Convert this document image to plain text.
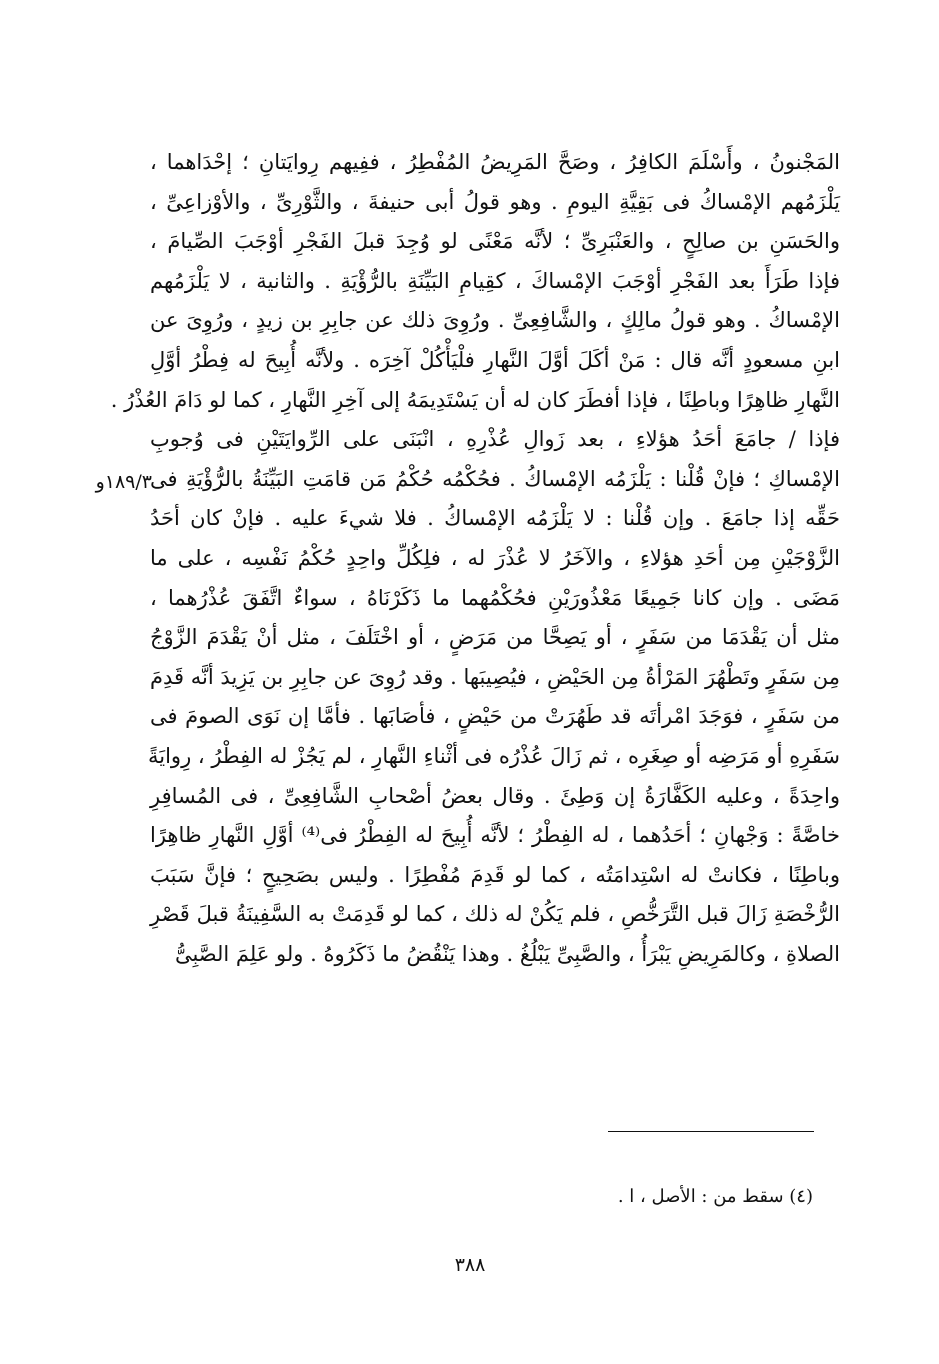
١٨٩/٣و
المَجْنونُ ، وأَسْلَمَ الكافِرُ ، وصَحَّ المَرِيضُ المُفْطِرُ ، ففِيهم رِوايَتانِ ؛ إحْدَاهما ،
يَلْزَمُهم الإمْساكُ فى بَقِيَّةِ اليومِ . وهو قولُ أبى حنيفةَ ، والثَّوْرِىِّ ، والأوْزاعِىِّ ،
والحَسَنِ بن صالِحٍ ، والعَنْبَرِىِّ ؛ لأنَّه مَعْنًى لو وُجِدَ قبلَ الفَجْرِ أوْجَبَ الصِّيامَ ،
فإذا طَرَأَ بعد الفَجْرِ أوْجَبَ الإمْساكَ ، كقِيامِ البَيِّنَةِ بالرُّؤْيَةِ . والثانية ، لا يَلْزَمُهم
الإمْساكُ . وهو قولُ مالِكٍ ، والشَّافِعِىِّ . ورُوِىَ ذلك عن جابِرِ بن زيدٍ ، ورُوِىَ عن
ابنِ مسعودٍ أنَّه قال : مَنْ أكَلَ أوَّلَ النَّهارِ فلْيَأْكُلْ آخِرَه . ولأنَّه أُبِيحَ له فِطْرُ أوَّلِ
النَّهارِ ظاهِرًا وباطِنًا ، فإذا أفطَرَ كان له أن يَسْتَدِيمَهُ إلى آخِرِ النَّهارِ ، كما لو دَامَ العُذْرُ .
فإذا / جامَعَ أحَدُ هؤلاءِ ، بعد زَوالِ عُذْرِهِ ، انْبَنَى على الرِّوايَتَيْنِ فى وُجوبِ
الإمْساكِ ؛ فإنْ قُلْنا : يَلْزَمُه الإمْساكُ . فحُكْمُه حُكْمُ مَن قامَتِ البَيِّنَةُ بالرُّؤْيَةِ فى
حَقِّه إذا جامَعَ . وإن قُلْنا : لا يَلْزَمُه الإمْساكُ . فلا شيءَ عليه . فإنْ كان أحَدُ
الزَّوْجَيْنِ مِن أحَدِ هؤلاءِ ، والآخَرُ لا عُذْرَ له ، فلِكُلِّ واحِدٍ حُكْمُ نَفْسِه ، على ما
مَضَى . وإن كانا جَمِيعًا مَعْذُورَيْنِ فحُكْمُهما ما ذَكَرْنَاهُ ، سواءٌ اتَّفَقَ عُذْرُهما ،
مثل أن يَقْدَمَا من سَفَرٍ ، أو يَصِحَّا من مَرَضٍ ، أو اخْتَلَفَ ، مثل أنْ يَقْدَمَ الزَّوْجُ
مِن سَفَرٍ وتَطْهُرَ المَرْأةُ مِن الحَيْضِ ، فيُصِيبَها . وقد رُوِىَ عن جابِرِ بن يَزِيدَ أنَّه قَدِمَ
من سَفَرٍ ، فوَجَدَ امْرأتَه قد طَهُرَتْ من حَيْضٍ ، فأصَابَها . فأمَّا إن نَوَى الصومَ فى
سَفَرِهِ أو مَرَضِه أو صِغَرِه ، ثم زَالَ عُذْرُه فى أثْناءِ النَّهارِ ، لم يَجُزْ له الفِطْرُ ، رِوايَةً
واحِدَةً ، وعليه الكَفَّارَةُ إن وَطِئَ . وقال بعضُ أصْحابِ الشَّافِعِىِّ ، فى المُسافِرِ
خاصَّةً : وَجْهانِ ؛ أحَدُهما ، له الفِطْرُ ؛ لأنَّه أُبِيحَ له الفِطْرُ فى⁽⁴⁾ أوَّلِ النَّهارِ ظاهِرًا
وباطِنًا ، فكانتْ له اسْتِدامَتُه ، كما لو قَدِمَ مُفْطِرًا . وليس بصَحِيحٍ ؛ فإنَّ سَبَبَ
الرُّخْصَةِ زَالَ قبل التَّرَخُّصِ ، فلم يَكُنْ له ذلك ، كما لو قَدِمَتْ به السَّفِينَةُ قبلَ قَصْرِ
الصلاةِ ، وكالمَرِيضِ يَبْرَأُ ، والصَّبِىِّ يَبْلُغُ . وهذا يَنْقُضُ ما ذَكَرُوهُ . ولو عَلِمَ الصَّبِىُّ
(٤) سقط من : الأصل ، ا .
٣٨٨
